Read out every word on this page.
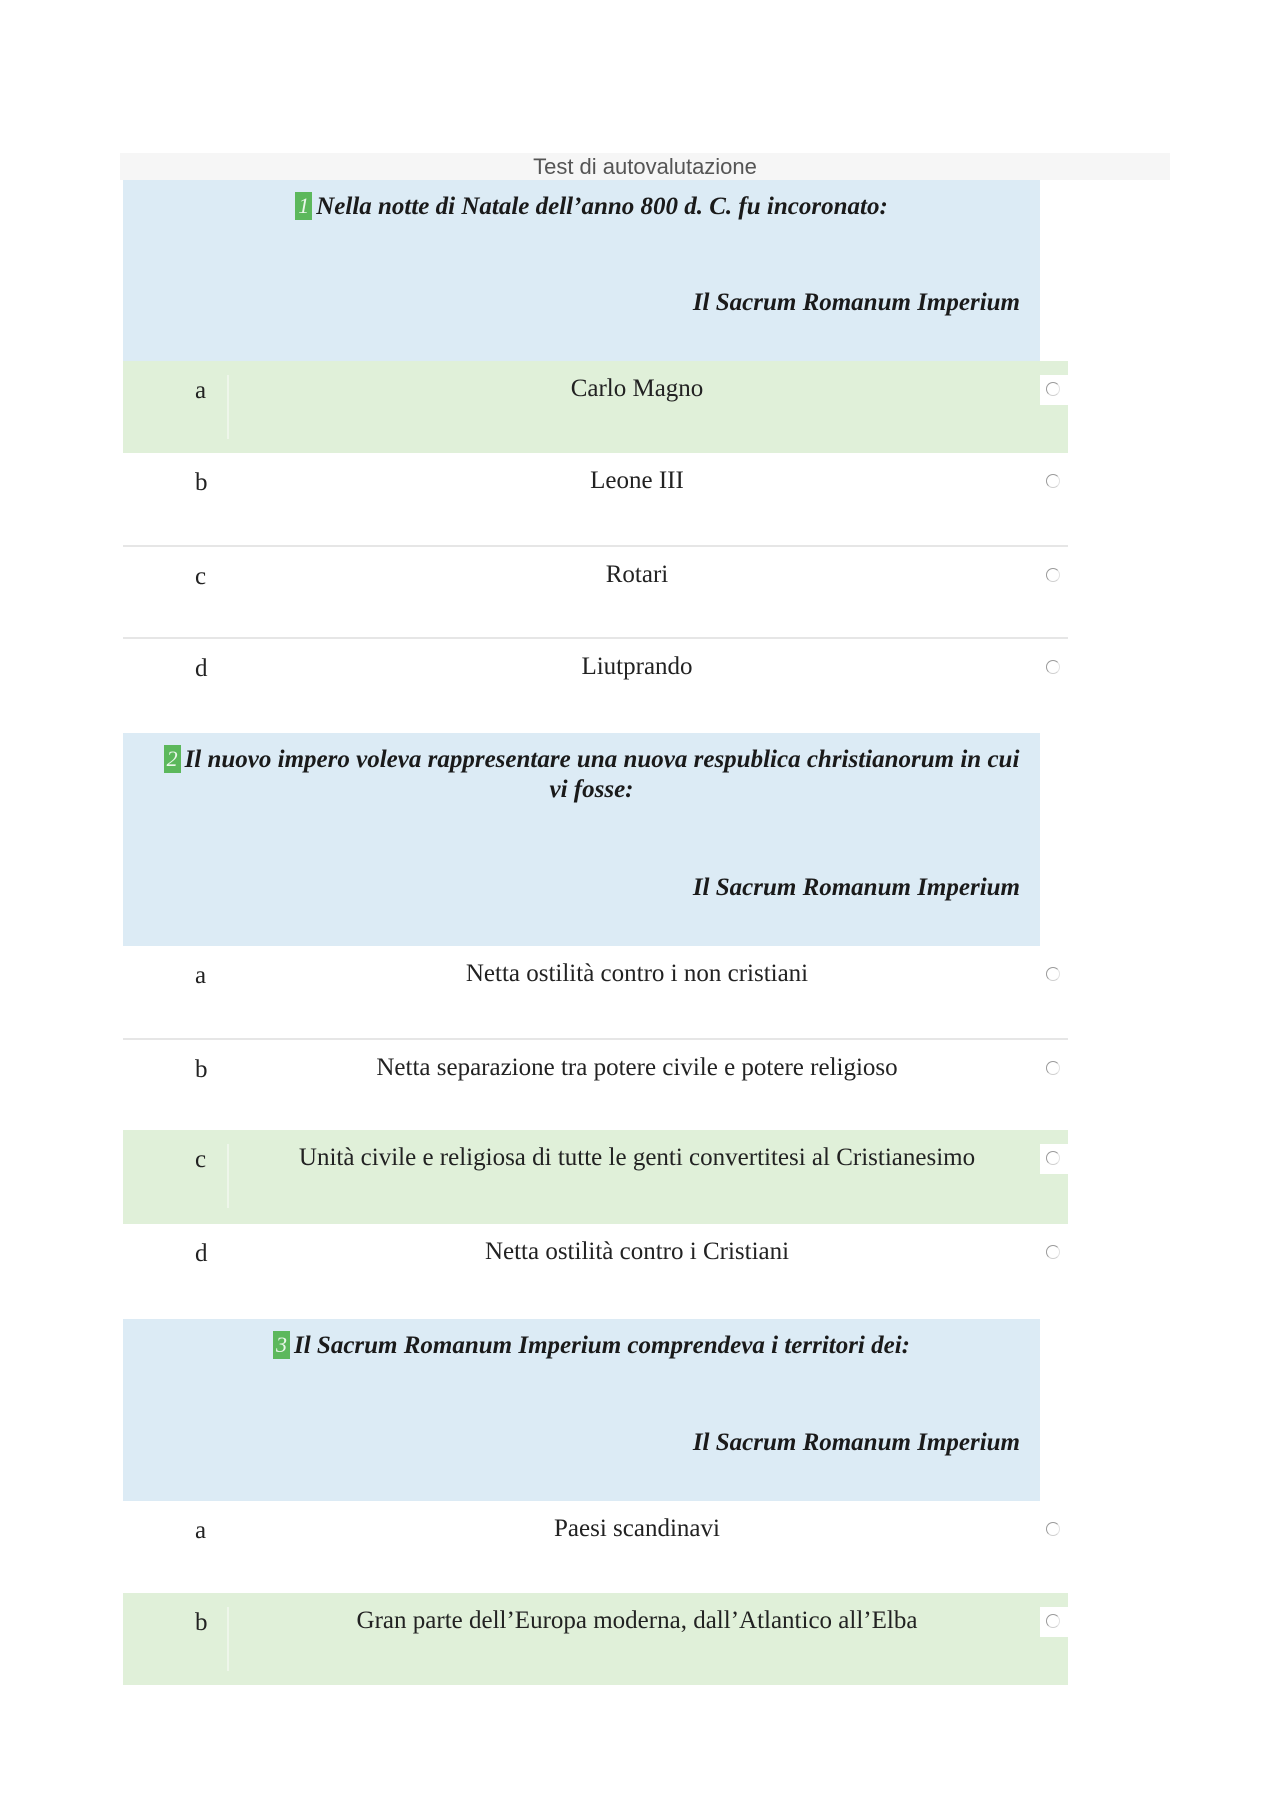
Test di autovalutazione
1 Nella notte di Natale dell’anno 800 d. C. fu incoronato:
Il Sacrum Romanum Imperium
a	Carlo Magno
b	Leone III
c	Rotari
d	Liutprando
2 Il nuovo impero voleva rappresentare una nuova respublica christianorum in cui vi fosse:
Il Sacrum Romanum Imperium
a	Netta ostilità contro i non cristiani
b	Netta separazione tra potere civile e potere religioso
c	Unità civile e religiosa di tutte le genti convertitesi al Cristianesimo
d	Netta ostilità contro i Cristiani
3 Il Sacrum Romanum Imperium comprendeva i territori dei:
Il Sacrum Romanum Imperium
a	Paesi scandinavi
b	Gran parte dell’Europa moderna, dall’Atlantico all’Elba
